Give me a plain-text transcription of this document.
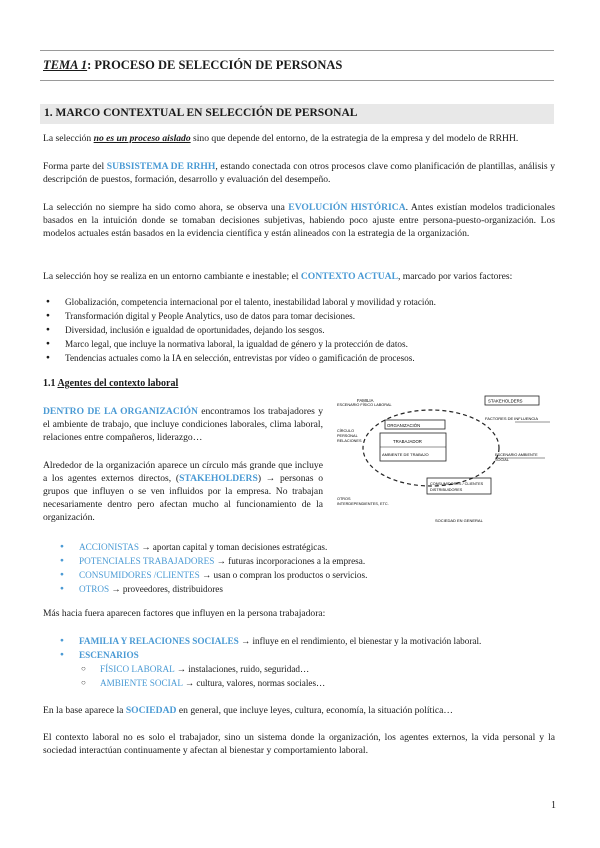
TEMA 1: PROCESO DE SELECCIÓN DE PERSONAS
1. MARCO CONTEXTUAL EN SELECCIÓN DE PERSONAL

La selección no es un proceso aislado sino que depende del entorno, de la estrategia de la empresa y del modelo de RRHH.

Forma parte del SUBSISTEMA DE RRHH, estando conectada con otros procesos clave como planificación de plantillas, análisis y descripción de puestos, formación, desarrollo y evaluación del desempeño.

La selección no siempre ha sido como ahora, se observa una EVOLUCIÓN HISTÓRICA. Antes existían modelos tradicionales basados en la intuición donde se tomaban decisiones subjetivas, habiendo poco ajuste entre persona-puesto-organización. Los modelos actuales están basados en la evidencia científica y están alineados con la estrategia de la organización.

La selección hoy se realiza en un entorno cambiante e inestable; el CONTEXTO ACTUAL, marcado por varios factores:

● Globalización, competencia internacional por el talento, inestabilidad laboral y movilidad y rotación.
● Transformación digital y People Analytics, uso de datos para tomar decisiones.
● Diversidad, inclusión e igualdad de oportunidades, dejando los sesgos.
● Marco legal, que incluye la normativa laboral, la igualdad de género y la protección de datos.
● Tendencias actuales como la IA en selección, entrevistas por vídeo o gamificación de procesos.
1.1 Agentes del contexto laboral

DENTRO DE LA ORGANIZACIÓN encontramos los trabajadores y el ambiente de trabajo, que incluye condiciones laborales, clima laboral, relaciones entre compañeros, liderazgo…

Alrededor de la organización aparece un círculo más grande que incluye a los agentes externos directos, (STAKEHOLDERS) → personas o grupos que influyen o se ven influidos por la empresa. No trabajan necesariamente dentro pero afectan mucho al funcionamiento de la organización.

FAMILIA	STAKEHOLDERS
FACTORES DE INFLUENCIA
ORGANIZACIÓN
TRABAJADOR
AMBIENTE DE TRABAJO
ESCENARIO FÍSICO LABORAL
CÍRCULO
PERSONAL
RELACIONES
ESCENARIO AMBIENTE
SOCIAL
OTROS
INTERDEPENDIENTES, ETC.
CONSUMIDORES / CLIENTES
DISTRIBUIDORES
SOCIEDAD EN GENERAL
● ACCIONISTAS → aportan capital y toman decisiones estratégicas.
● POTENCIALES TRABAJADORES → futuras incorporaciones a la empresa.
● CONSUMIDORES /CLIENTES → usan o compran los productos o servicios.
● OTROS → proveedores, distribuidores

Más hacia fuera aparecen factores que influyen en la persona trabajadora:

● FAMILIA Y RELACIONES SOCIALES → influye en el rendimiento, el bienestar y la motivación laboral.
● ESCENARIOS
○ FÍSICO LABORAL → instalaciones, ruido, seguridad…
○ AMBIENTE SOCIAL → cultura, valores, normas sociales…

En la base aparece la SOCIEDAD en general, que incluye leyes, cultura, economía, la situación política…

El contexto laboral no es solo el trabajador, sino un sistema donde la organización, los agentes externos, la vida personal y la sociedad interactúan continuamente y afectan al bienestar y comportamiento laboral.

1
